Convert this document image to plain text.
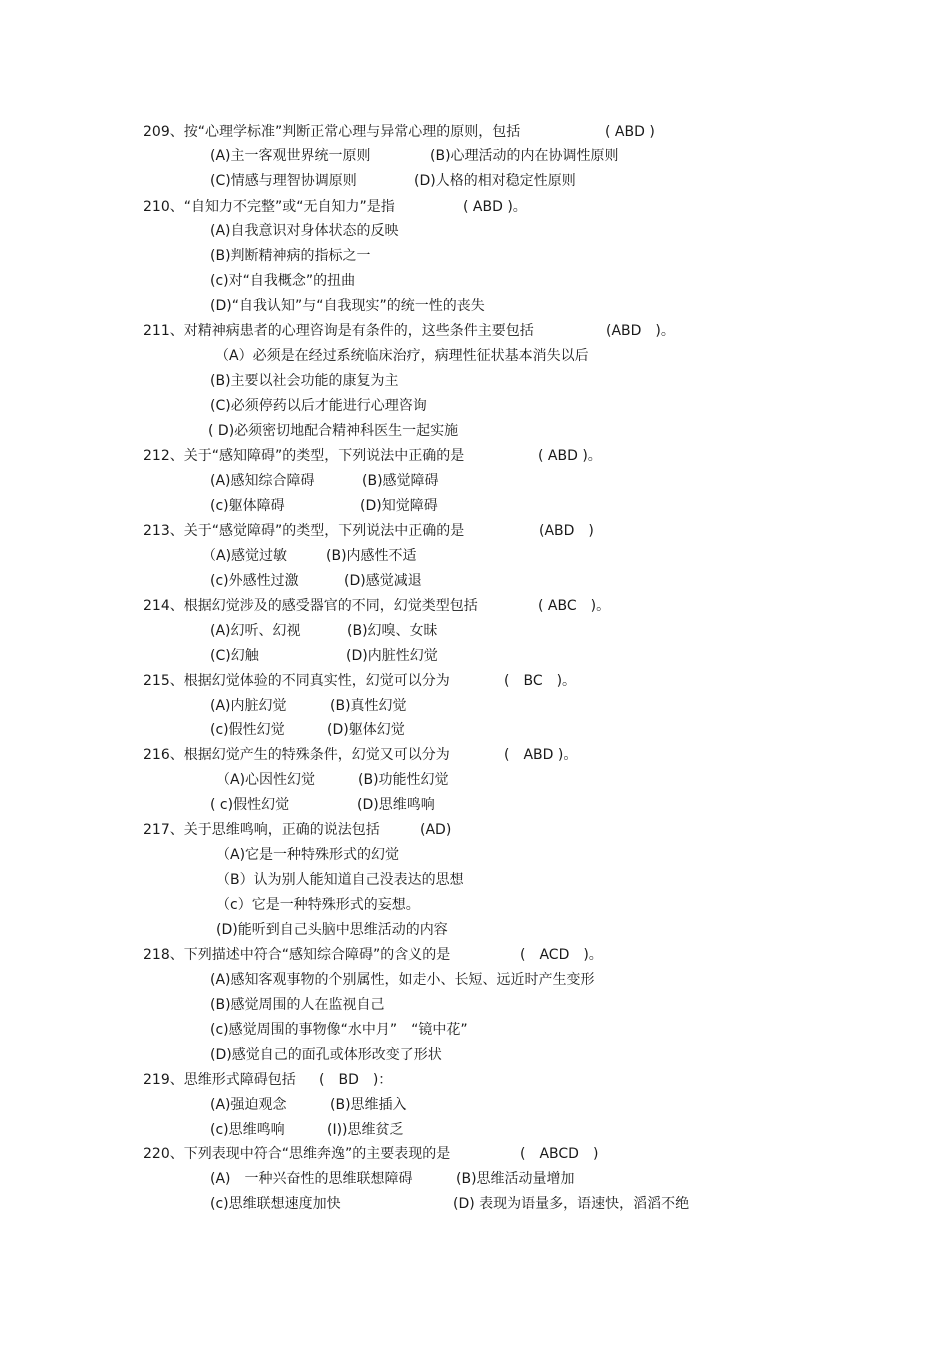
209、按“心理学标准”判断正常心理与异常心理的原则，包括	( ABD )
(A)主一客观世界统一原则	(B)心理活动的内在协调性原则
(C)情感与理智协调原则	(D)人格的相对稳定性原则
210、“自知力不完整”或“无自知力”是指	( ABD )。
(A)自我意识对身体状态的反映
(B)判断精神病的指标之一
(c)对“自我概念”的扭曲
(D)“自我认知”与“自我现实”的统一性的丧失
211、对精神病患者的心理咨询是有条件的，这些条件主要包括	(ABD　)。
（A）必须是在经过系统临床治疗，病理性征状基本消失以后
(B)主要以社会功能的康复为主
(C)必须停药以后才能进行心理咨询
( D)必须密切地配合精神科医生一起实施
212、关于“感知障碍”的类型，下列说法中正确的是	( ABD )。
(A)感知综合障碍	(B)感觉障碍
(c)躯体障碍	(D)知觉障碍
213、关于“感觉障碍”的类型，下列说法中正确的是	(ABD　)
（A)感觉过敏	(B)内感性不适
(c)外感性过激	(D)感觉减退
214、根据幻觉涉及的感受器官的不同，幻觉类型包括	( ABC　)。
(A)幻听、幻视	(B)幻嗅、女昧
(C)幻触	(D)内脏性幻觉
215、根据幻觉体验的不同真实性，幻觉可以分为	(　BC　)。
(A)内脏幻觉	(B)真性幻觉
(c)假性幻觉	(D)躯体幻觉
216、根据幻觉产生的特殊条件，幻觉又可以分为	(　ABD )。
（A)心因性幻觉	(B)功能性幻觉
( c)假性幻觉	(D)思维鸣响
217、关于思维鸣响，正确的说法包括	(AD)
（A)它是一种特殊形式的幻觉
（B）认为别人能知道自己没表达的思想
（c）它是一种特殊形式的妄想。
(D)能听到自己头脑中思维活动的内容
218、下列描述中符合“感知综合障碍”的含义的是	(　ACD　)。
(A)感知客观事物的个别属性，如走小、长短、远近时产生变形
(B)感觉周围的人在监视自己
(c)感觉周围的事物像“水中月”　“镜中花”
(D)感觉自己的面孔或体形改变了形状
219、思维形式障碍包括 (　BD　)：
(A)强迫观念	(B)思维插入
(c)思维鸣响	(I))思维贫乏
220、下列表现中符合“思维奔逸”的主要表现的是	(　ABCD　)
(A)　一种兴奋性的思维联想障碍	(B)思维活动量增加
(c)思维联想速度加快	(D) 表现为语量多，语速快，滔滔不绝
